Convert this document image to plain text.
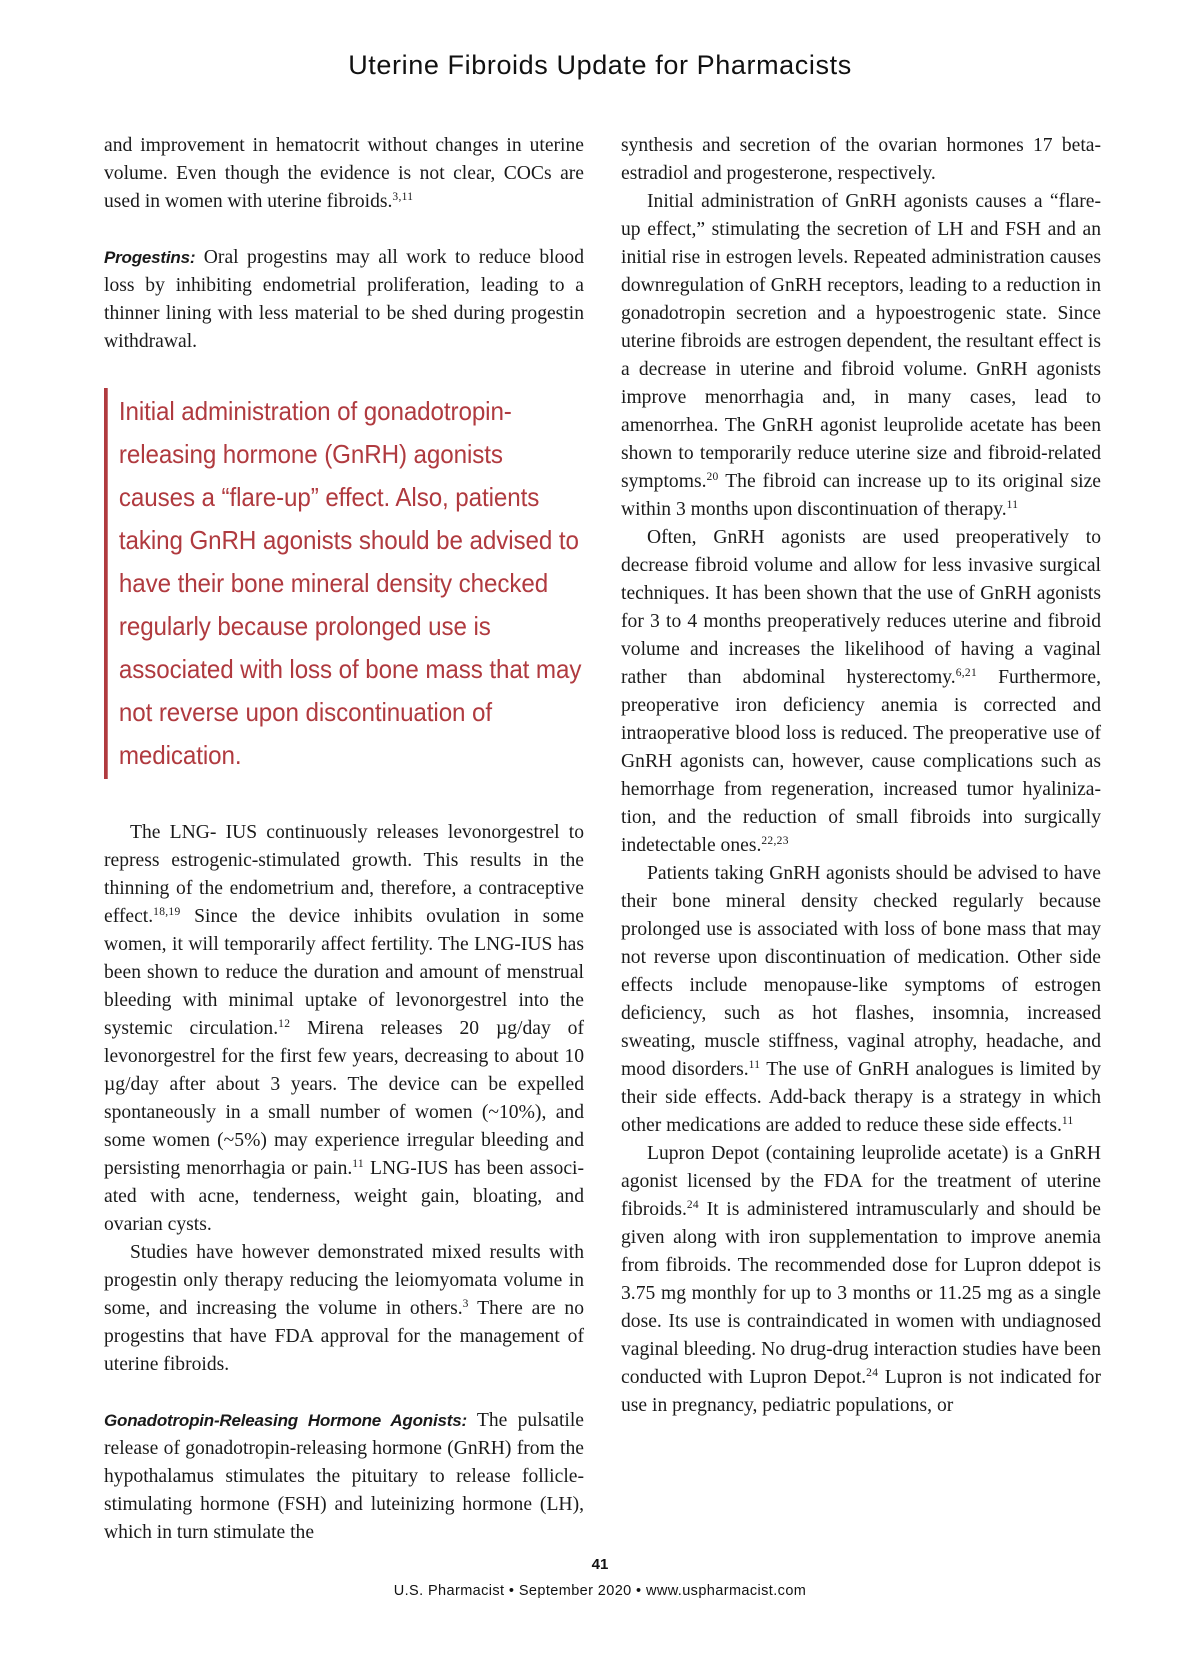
Uterine Fibroids Update for Pharmacists

and improvement in hematocrit without changes in uterine volume. Even though the evidence is not clear, COCs are used in women with uterine fibroids.$^{3,11}$

Progestins: Oral progestins may all work to reduce blood loss by inhibiting endometrial proliferation, leading to a thinner lining with less material to be shed during progestin withdrawal.

Initial administration of gonadotropin-releasing hormone (GnRH) agonists causes a “flare-up” effect. Also, patients taking GnRH agonists should be advised to have their bone mineral density checked regularly because prolonged use is associated with loss of bone mass that may not reverse upon discontinuation of medication.

The LNG- IUS continuously releases levonorgestrel to repress estrogenic-stimulated growth. This results in the thinning of the endometrium and, therefore, a contraceptive effect.$^{18,19}$ Since the device inhibits ovulation in some women, it will temporarily affect fertility. The LNG-IUS has been shown to reduce the duration and amount of menstrual bleeding with minimal uptake of levonorgestrel into the systemic circulation.$^{12}$ Mirena releases 20 µg/day of levonorgestrel for the first few years, decreasing to about 10 µg/day after about 3 years. The device can be expelled spontaneously in a small number of women (~10%), and some women (~5%) may experience irregular bleeding and persisting menorrhagia or pain.$^{11}$ LNG-IUS has been associated with acne, tenderness, weight gain, bloating, and ovarian cysts.

Studies have however demonstrated mixed results with progestin only therapy reducing the leiomyomata volume in some, and increasing the volume in others.$^3$ There are no progestins that have FDA approval for the management of uterine fibroids.

Gonadotropin-Releasing Hormone Agonists: The pulsatile release of gonadotropin-releasing hormone (GnRH) from the hypothalamus stimulates the pituitary to release follicle-stimulating hormone (FSH) and luteinizing hormone (LH), which in turn stimulate the

synthesis and secretion of the ovarian hormones 17 beta-estradiol and progesterone, respectively.

Initial administration of GnRH agonists causes a “flare-up effect,” stimulating the secretion of LH and FSH and an initial rise in estrogen levels. Repeated administration causes downregulation of GnRH receptors, leading to a reduction in gonadotropin secretion and a hypoestrogenic state. Since uterine fibroids are estrogen dependent, the resultant effect is a decrease in uterine and fibroid volume. GnRH agonists improve menorrhagia and, in many cases, lead to amenorrhea. The GnRH agonist leuprolide acetate has been shown to temporarily reduce uterine size and fibroid-related symptoms.$^{20}$ The fibroid can increase up to its original size within 3 months upon discontinuation of therapy.$^{11}$

Often, GnRH agonists are used preoperatively to decrease fibroid volume and allow for less invasive surgical techniques. It has been shown that the use of GnRH agonists for 3 to 4 months preoperatively reduces uterine and fibroid volume and increases the likelihood of having a vaginal rather than abdominal hysterectomy.$^{6,21}$ Furthermore, preoperative iron deficiency anemia is corrected and intraoperative blood loss is reduced. The preoperative use of GnRH agonists can, however, cause complications such as hemorrhage from regeneration, increased tumor hyalinization, and the reduction of small fibroids into surgically indetectable ones.$^{22,23}$

Patients taking GnRH agonists should be advised to have their bone mineral density checked regularly because prolonged use is associated with loss of bone mass that may not reverse upon discontinuation of medication. Other side effects include menopause-like symptoms of estrogen deficiency, such as hot flashes, insomnia, increased sweating, muscle stiffness, vaginal atrophy, headache, and mood disorders.$^{11}$ The use of GnRH analogues is limited by their side effects. Add-back therapy is a strategy in which other medications are added to reduce these side effects.$^{11}$

Lupron Depot (containing leuprolide acetate) is a GnRH agonist licensed by the FDA for the treatment of uterine fibroids.$^{24}$ It is administered intramuscularly and should be given along with iron supplementation to improve anemia from fibroids. The recommended dose for Lupron ddepot is 3.75 mg monthly for up to 3 months or 11.25 mg as a single dose. Its use is contraindicated in women with undiagnosed vaginal bleeding. No drug-drug interaction studies have been conducted with Lupron Depot.$^{24}$ Lupron is not indicated for use in pregnancy, pediatric populations, or

41
U.S. Pharmacist • September 2020 • www.uspharmacist.com
